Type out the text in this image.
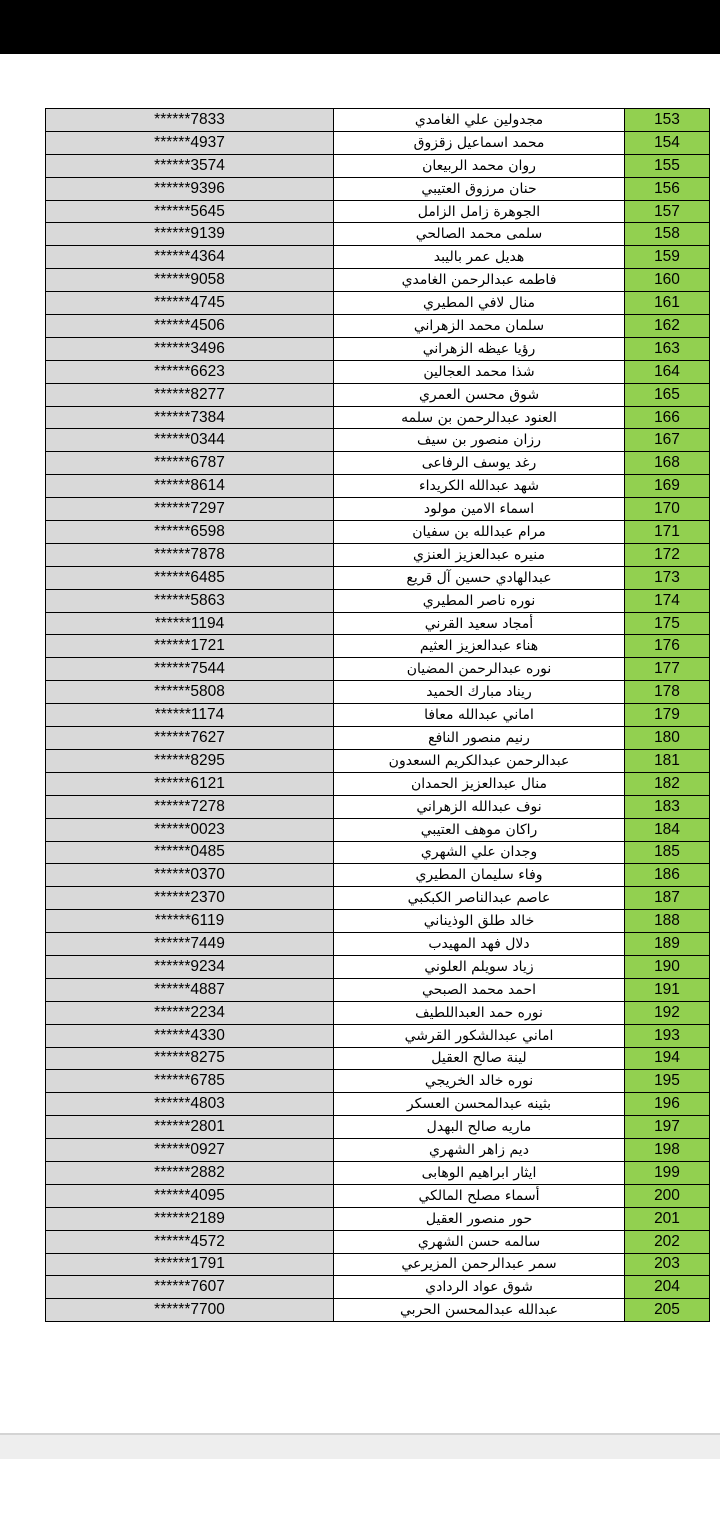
******7833	مجدولين علي الغامدي	153
******4937	محمد اسماعيل زقزوق	154
******3574	روان محمد الربيعان	155
******9396	حنان مرزوق العتيبي	156
******5645	الجوهرة زامل الزامل	157
******9139	سلمى محمد الصالحي	158
******4364	هديل عمر باليبد	159
******9058	فاطمه عبدالرحمن الغامدي	160
******4745	منال لافي المطيري	161
******4506	سلمان محمد الزهراني	162
******3496	رؤيا عيظه الزهراني	163
******6623	شذا محمد العجالين	164
******8277	شوق محسن العمري	165
******7384	العنود عبدالرحمن بن سلمه	166
******0344	رزان منصور بن سيف	167
******6787	رغد يوسف الرفاعى	168
******8614	شهد عبدالله الكريداء	169
******7297	اسماء الامين مولود	170
******6598	مرام عبدالله بن سفيان	171
******7878	منيره عبدالعزيز العنزي	172
******6485	عبدالهادي حسين آل قريع	173
******5863	نوره ناصر المطيري	174
******1194	أمجاد سعيد القرني	175
******1721	هناء عبدالعزيز العثيم	176
******7544	نوره عبدالرحمن المضيان	177
******5808	ريناد مبارك الحميد	178
******1174	اماني عبدالله معافا	179
******7627	رنيم منصور النافع	180
******8295	عبدالرحمن عبدالكريم السعدون	181
******6121	منال عبدالعزيز الحمدان	182
******7278	نوف عبدالله الزهراني	183
******0023	راكان موهف العتيبي	184
******0485	وجدان علي الشهري	185
******0370	وفاء سليمان المطيري	186
******2370	عاصم عبدالناصر الكبكبي	187
******6119	خالد طلق الوذيناني	188
******7449	دلال فهد المهيدب	189
******9234	زياد سويلم العلوني	190
******4887	احمد محمد الصبحي	191
******2234	نوره حمد العبداللطيف	192
******4330	اماني عبدالشكور القرشي	193
******8275	لينة صالح العقيل	194
******6785	نوره خالد الخريجي	195
******4803	بثينه عبدالمحسن العسكر	196
******2801	ماريه صالح البهدل	197
******0927	ديم زاهر الشهري	198
******2882	ايثار ابراهيم الوهابى	199
******4095	أسماء مصلح المالكي	200
******2189	حور منصور العقيل	201
******4572	سالمه حسن الشهري	202
******1791	سمر عبدالرحمن المزيرعي	203
******7607	شوق عواد الردادي	204
******7700	عبدالله عبدالمحسن الحربي	205
